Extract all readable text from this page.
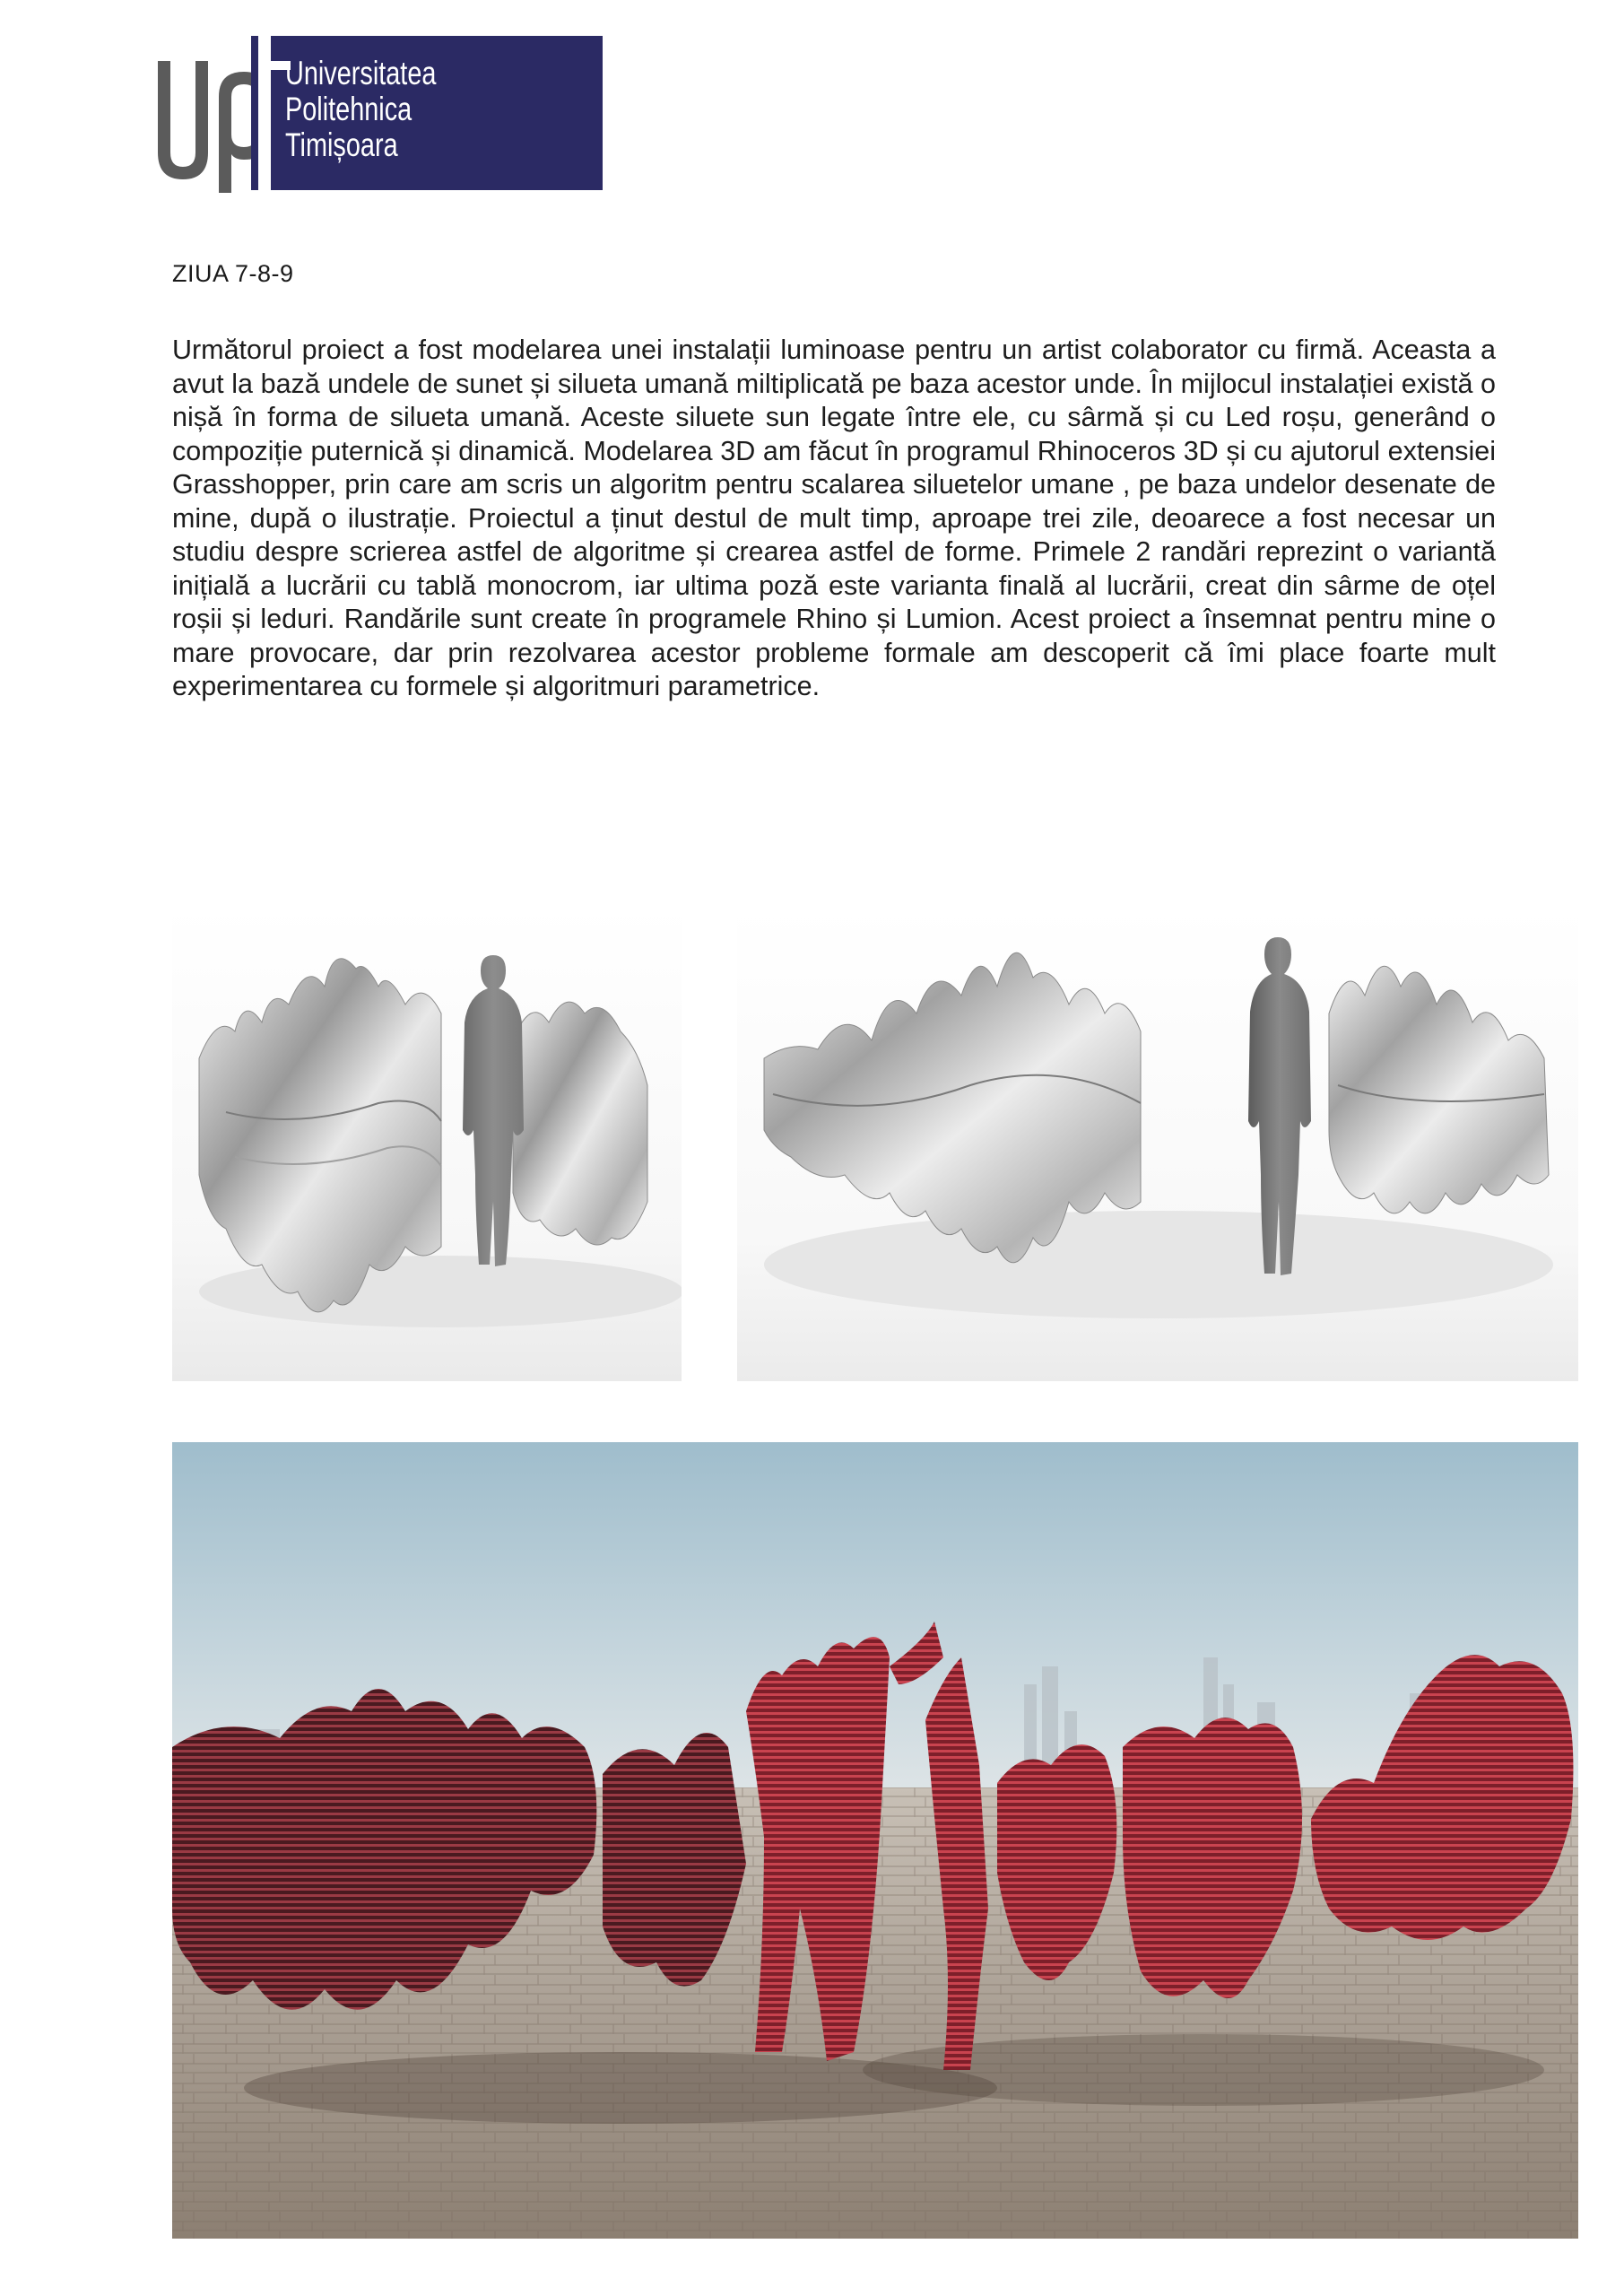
Universitatea
Politehnica
Timișoara
ZIUA 7-8-9
Următorul proiect a fost modelarea unei instalații luminoase pentru un artist colaborator cu firmă. Aceasta a avut la bază undele de sunet și silueta umană miltiplicată pe baza acestor unde. În mijlocul instalației există o nișă în forma de silueta umană. Aceste siluete sun legate între ele, cu sârmă și cu Led roșu, generând o compoziție puternică și dinamică. Modelarea 3D am făcut în programul Rhinoceros 3D și cu ajutorul extensiei Grasshopper, prin care am scris un algoritm pentru scalarea siluetelor umane , pe baza undelor desenate de mine, după o ilustrație. Proiectul a ținut destul de mult timp, aproape trei zile, deoarece a fost necesar un studiu despre scrierea astfel de algoritme și crearea astfel de forme. Primele 2 randări reprezint o variantă inițială a lucrării cu tablă monocrom, iar ultima poză este varianta finală al lucrării, creat din sârme de oțel roșii și leduri. Randările sunt create în programele Rhino și Lumion. Acest proiect a însemnat pentru mine o mare provocare, dar prin rezolvarea acestor probleme formale am descoperit că îmi place foarte mult experimentarea cu formele și algoritmuri parametrice.
